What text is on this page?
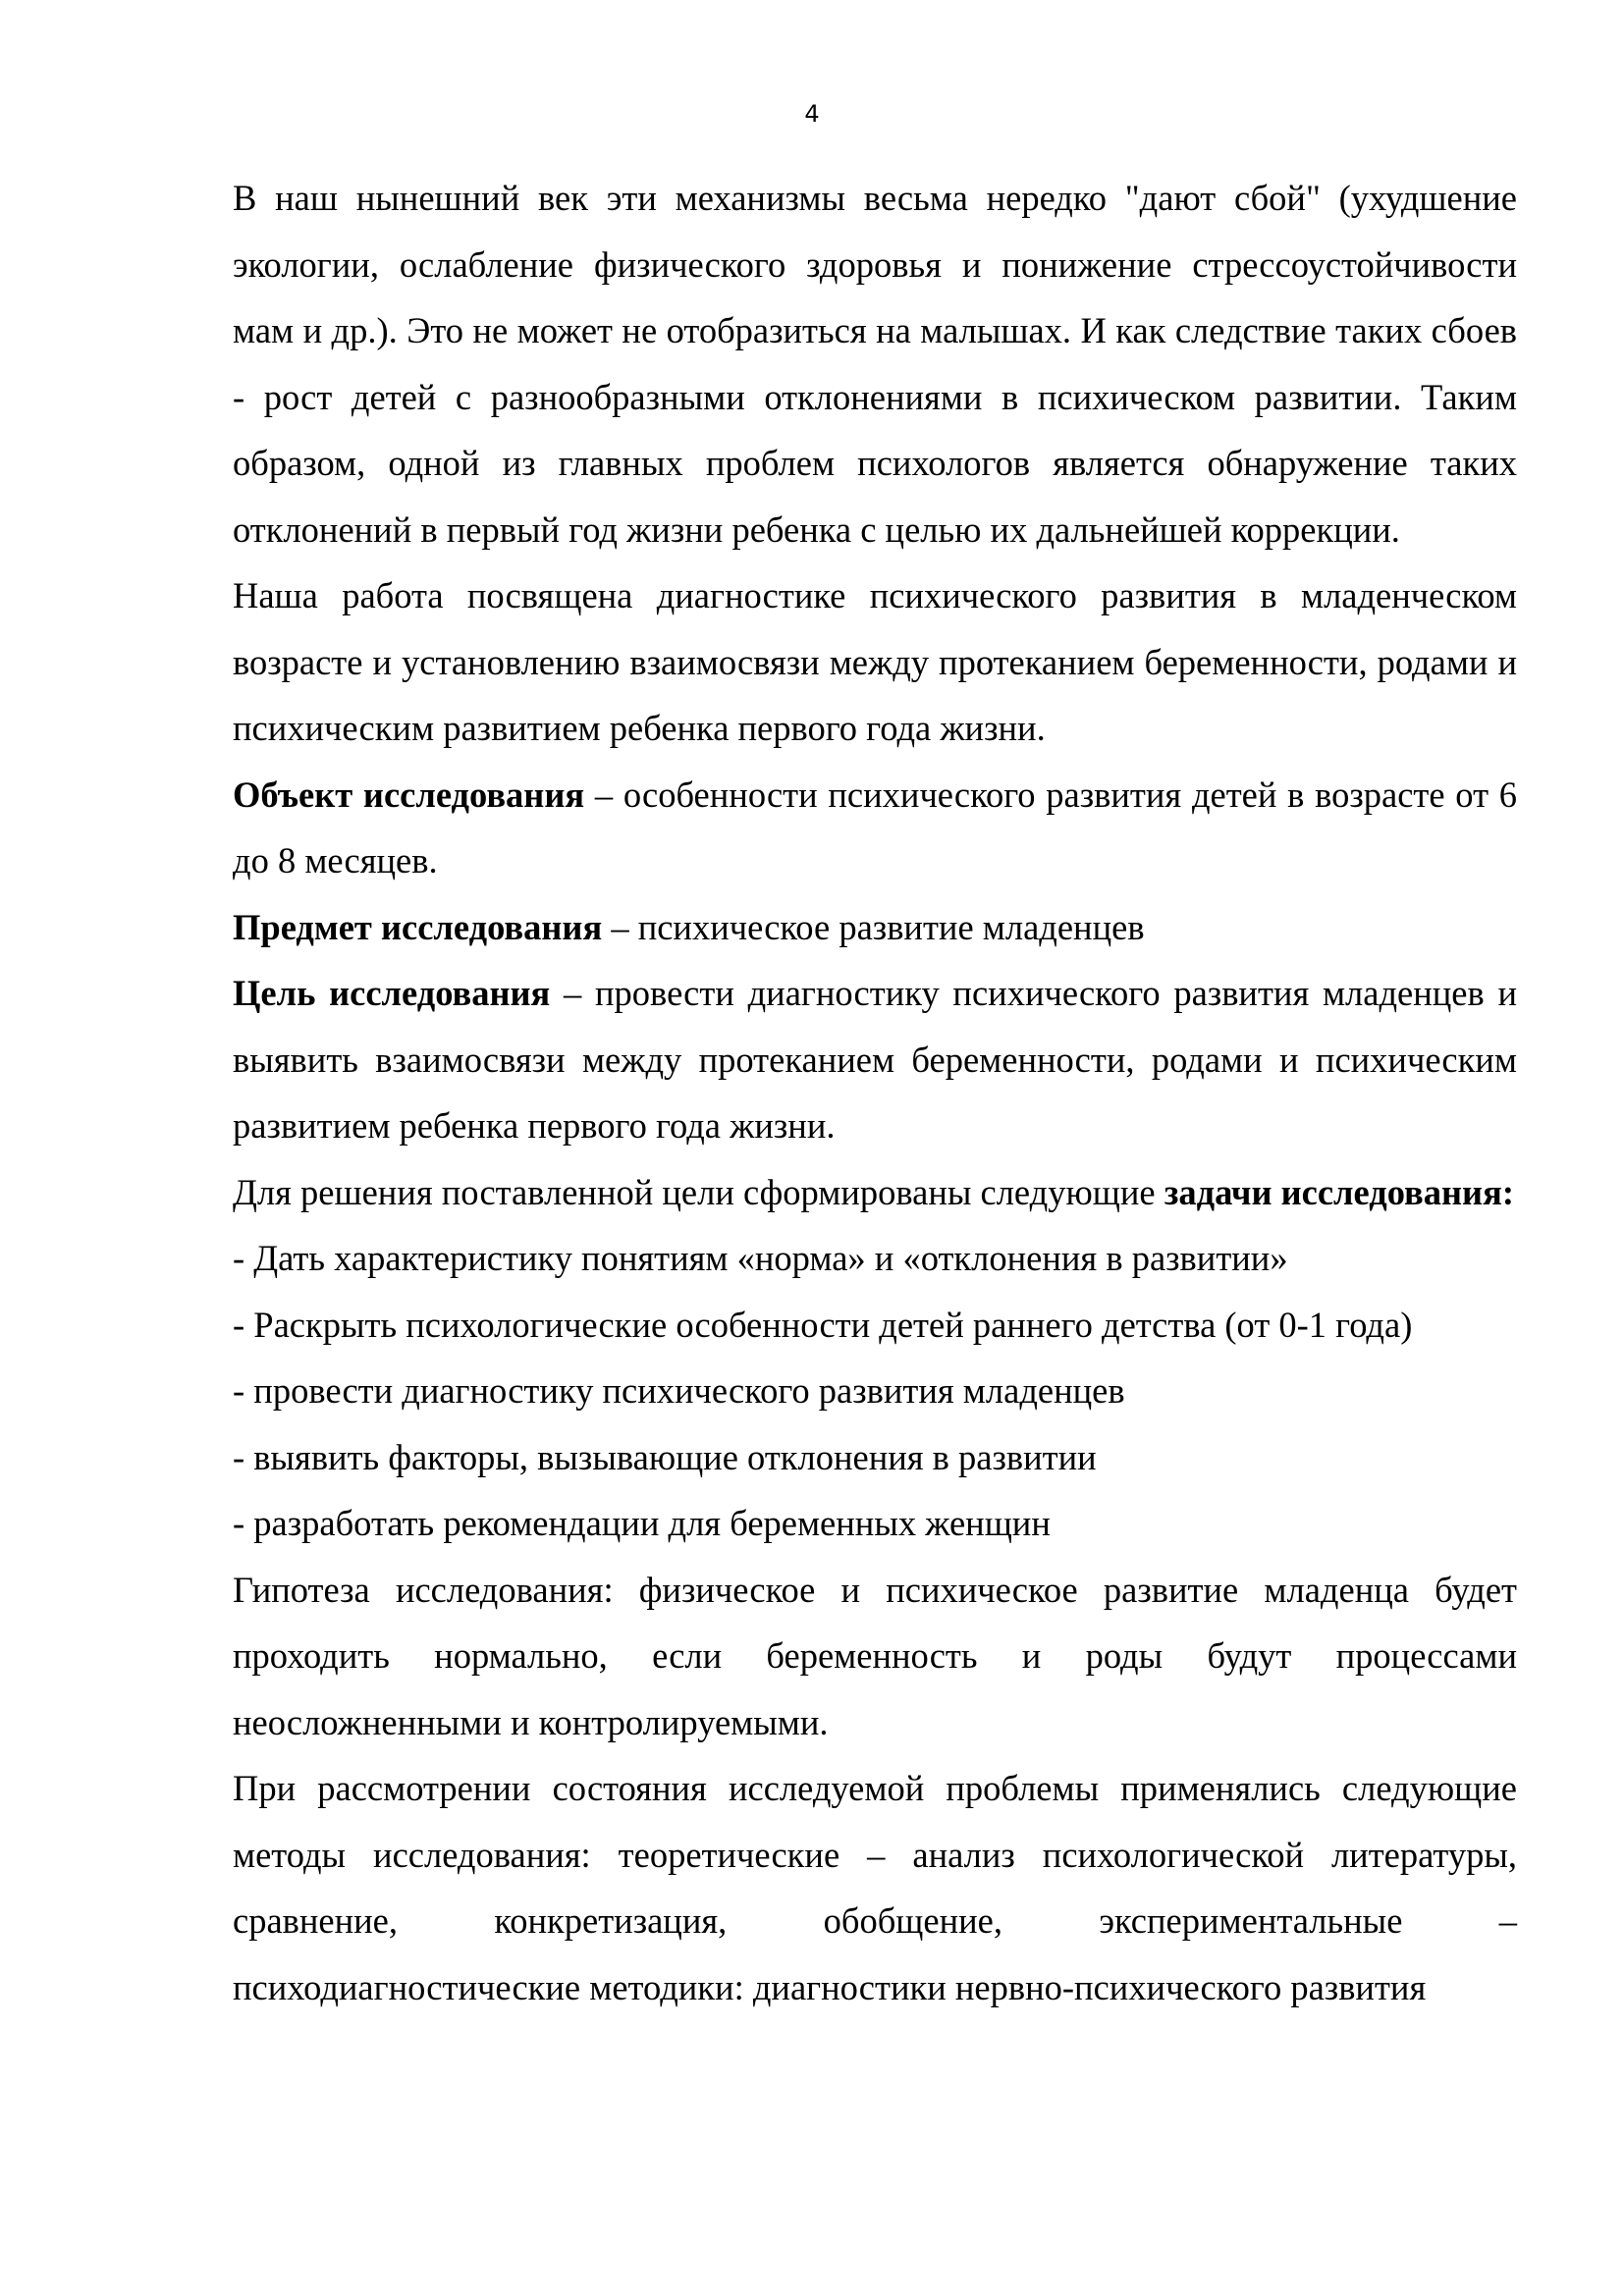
4

В наш нынешний век эти механизмы весьма нередко "дают сбой" (ухудшение экологии, ослабление физического здоровья и понижение стрессоустойчивости мам и др.). Это не может не отобразиться на малышах. И как следствие таких сбоев - рост детей с разнообразными отклонениями в психическом развитии. Таким образом, одной из главных проблем психологов является обнаружение таких отклонений в первый год жизни ребенка с целью их дальнейшей коррекции.

Наша работа посвящена диагностике психического развития в младенческом возрасте и установлению взаимосвязи между протеканием беременности, родами и психическим развитием ребенка первого года жизни.

Объект исследования – особенности психического развития детей в возрасте от 6 до 8 месяцев.

Предмет исследования – психическое развитие младенцев

Цель исследования – провести диагностику психического развития младенцев и выявить взаимосвязи между протеканием беременности, родами и психическим развитием ребенка первого года жизни.

Для решения поставленной цели сформированы следующие задачи исследования:

- Дать характеристику понятиям «норма» и «отклонения в развитии»

- Раскрыть психологические особенности детей раннего детства (от 0-1 года)

- провести диагностику психического развития младенцев

- выявить факторы, вызывающие отклонения в развитии

- разработать рекомендации для беременных женщин

Гипотеза исследования: физическое и психическое развитие младенца будет проходить нормально, если беременность и роды будут процессами неосложненными и контролируемыми.

При рассмотрении состояния исследуемой проблемы применялись следующие методы исследования: теоретические – анализ психологической литературы, сравнение, конкретизация, обобщение, экспериментальные – психодиагностические методики: диагностики нервно-психического развития
